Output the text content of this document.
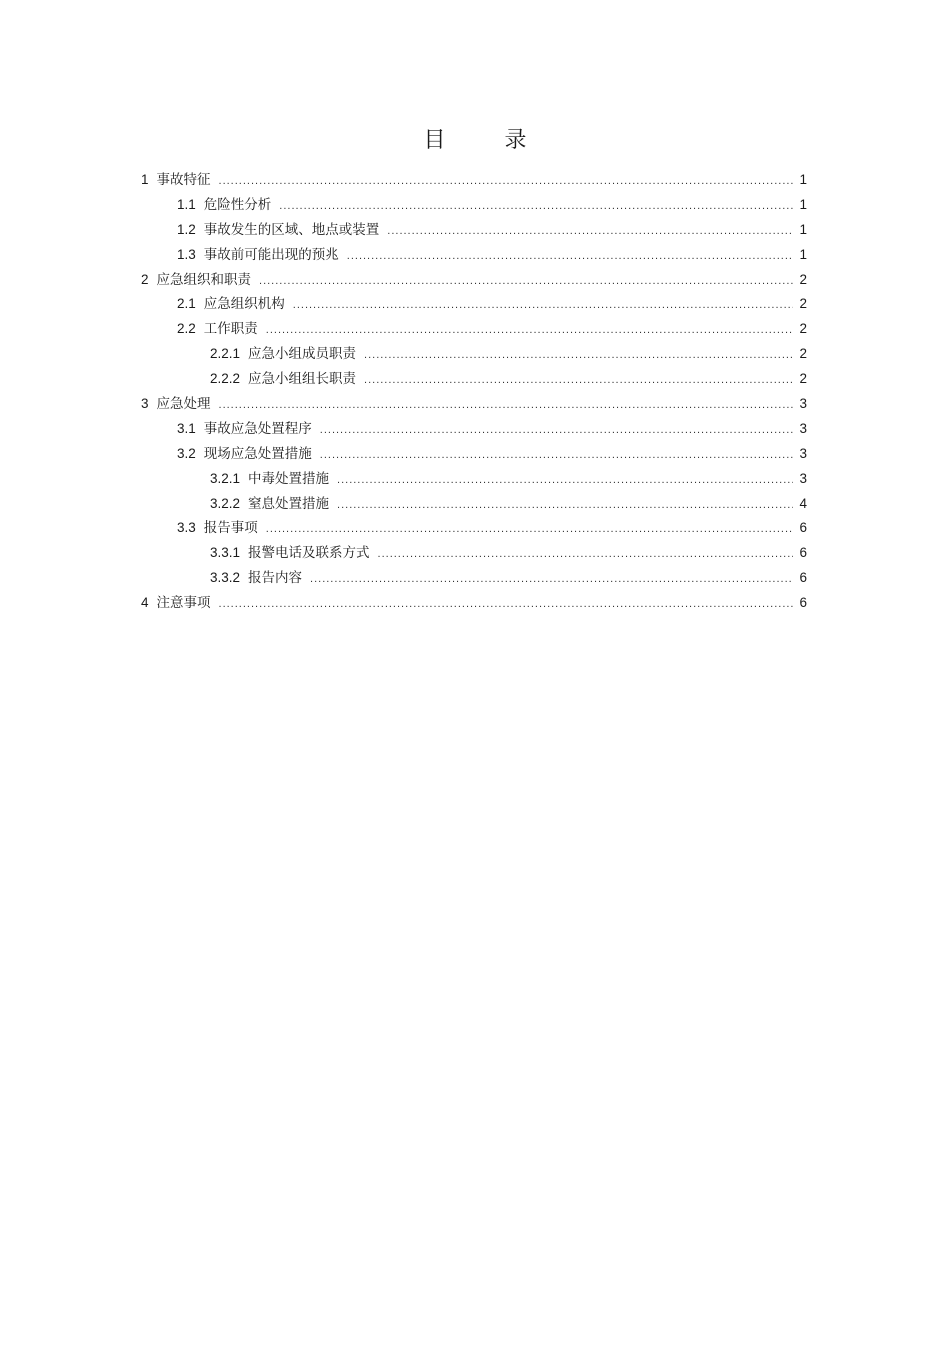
目 录
1 事故特征 .....	1
1.1 危险性分析 .....	1
1.2 事故发生的区域、地点或装置 .....	1
1.3 事故前可能出现的预兆 .....	1
2 应急组织和职责 .....	2
2.1 应急组织机构 .....	2
2.2 工作职责 .....	2
2.2.1 应急小组成员职责 .....	2
2.2.2 应急小组组长职责 .....	2
3 应急处理 .....	3
3.1 事故应急处置程序 .....	3
3.2 现场应急处置措施 .....	3
3.2.1 中毒处置措施 .....	3
3.2.2 窒息处置措施 .....	4
3.3 报告事项 .....	6
3.3.1 报警电话及联系方式 .....	6
3.3.2 报告内容 .....	6
4 注意事项 .....	6
